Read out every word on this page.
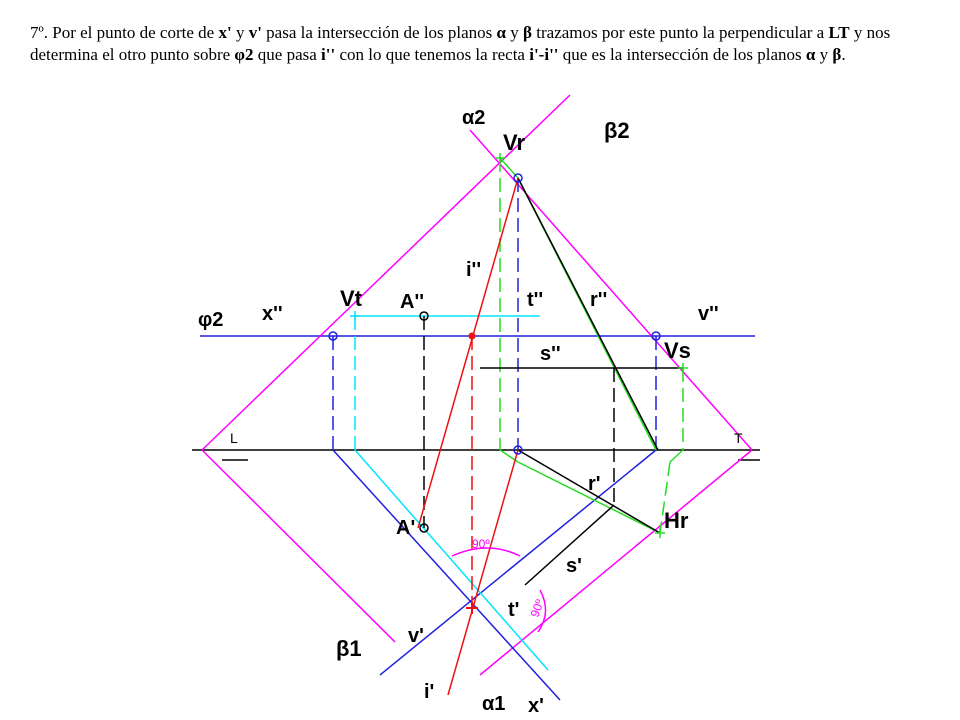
7º. Por el punto de corte de x' y v' pasa la intersección de los planos α y β trazamos por este punto la perpendicular a LT y nos determina el otro punto sobre φ2 que pasa i'' con lo que tenemos la recta i'-i'' que es la intersección de los planos α y β.
90º
90º
α2	β2
Vr
i''
t'' r''
Vt A''
φ2 x''	v''
s''	Vs
L	T
r'
A'	Hr
s'
t'
v'
β1
i'
α1 x'
